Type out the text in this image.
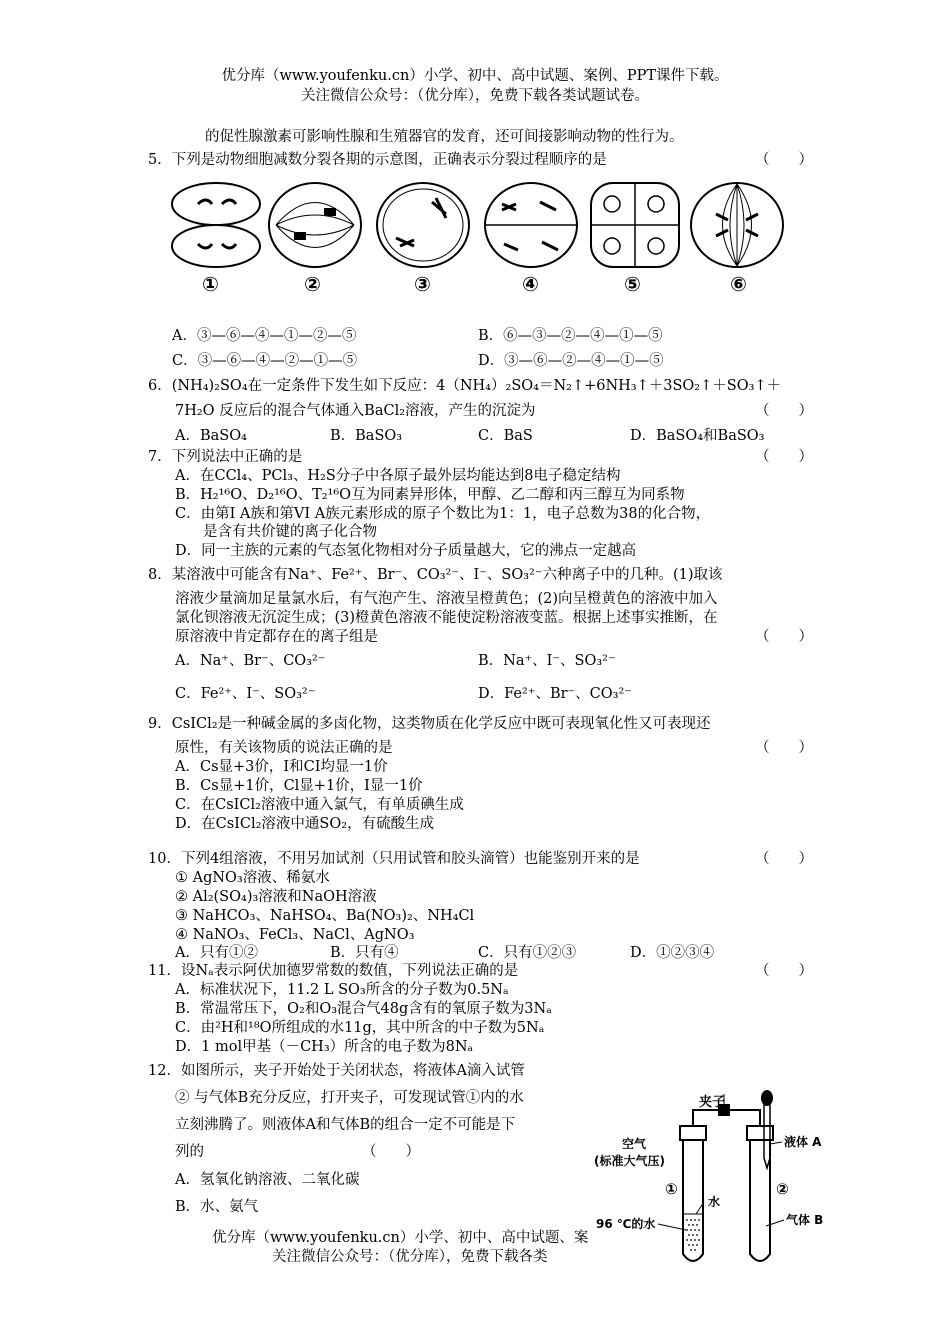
优分库（www.youfenku.cn）小学、初中、高中试题、案例、PPT课件下载。
关注微信公众号：（优分库），免费下载各类试题试卷。
的促性腺激素可影响性腺和生殖器官的发育，还可间接影响动物的性行为。
5．下列是动物细胞减数分裂各期的示意图，正确表示分裂过程顺序的是	（　　）
①	②	③	④	⑤	⑥
A．③—⑥—④—①—②—⑤	B．⑥—③—②—④—①—⑤
C．③—⑥—④—②—①—⑤	D．③—⑥—②—④—①—⑤
6．(NH₄)₂SO₄在一定条件下发生如下反应：4（NH₄）₂SO₄＝N₂↑+6NH₃↑＋3SO₂↑＋SO₃↑＋
7H₂O 反应后的混合气体通入BaCl₂溶液，产生的沉淀为	（　　）
A．BaSO₄	B．BaSO₃	C．BaS	D．BaSO₄和BaSO₃
7．下列说法中正确的是	（　　）
A．在CCl₄、PCl₃、H₂S分子中各原子最外层均能达到8电子稳定结构
B．H₂¹⁶O、D₂¹⁶O、T₂¹⁶O互为同素异形体，甲醇、乙二醇和丙三醇互为同系物
C．由第Ⅰ A族和第VI A族元素形成的原子个数比为1：1，电子总数为38的化合物，
是含有共价键的离子化合物
D．同一主族的元素的气态氢化物相对分子质量越大，它的沸点一定越高
8．某溶液中可能含有Na⁺、Fe²⁺、Br⁻、CO₃²⁻、I⁻、SO₃²⁻六种离子中的几种。(1)取该
溶液少量滴加足量氯水后，有气泡产生、溶液呈橙黄色；(2)向呈橙黄色的溶液中加入
氯化钡溶液无沉淀生成；(3)橙黄色溶液不能使淀粉溶液变蓝。根据上述事实推断，在
原溶液中肯定都存在的离子组是	（　　）
A．Na⁺、Br⁻、CO₃²⁻	B．Na⁺、I⁻、SO₃²⁻
C．Fe²⁺、I⁻、SO₃²⁻	D．Fe²⁺、Br⁻、CO₃²⁻
9．CsICl₂是一种碱金属的多卤化物，这类物质在化学反应中既可表现氧化性又可表现还
原性，有关该物质的说法正确的是	（　　）
A．Cs显+3价，I和CI均显一1价
B．Cs显+1价，Cl显+1价，I显一1价
C．在CsICl₂溶液中通入氯气，有单质碘生成
D．在CsICl₂溶液中通SO₂，有硫酸生成
10．下列4组溶液，不用另加试剂（只用试管和胶头滴管）也能鉴别开来的是	（　　）
① AgNO₃溶液、稀氨水
② Al₂(SO₄)₃溶液和NaOH溶液
③ NaHCO₃、NaHSO₄、Ba(NO₃)₂、NH₄Cl
④ NaNO₃、FeCl₃、NaCl、AgNO₃
A．只有①②	B．只有④	C．只有①②③	D．①②③④
11．设Nₐ表示阿伏加德罗常数的数值，下列说法正确的是	（　　）
A．标准状况下，11.2 L SO₃所含的分子数为0.5Nₐ
B．常温常压下，O₂和O₃混合气48g含有的氧原子数为3Nₐ
C．由²H和¹⁸O所组成的水11g，其中所含的中子数为5Nₐ
D．1 mol甲基（－CH₃）所含的电子数为8Nₐ
12．如图所示，夹子开始处于关闭状态，将液体A滴入试管
② 与气体B充分反应，打开夹子，可发现试管①内的水
立刻沸腾了。则液体A和气体B的组合一定不可能是下
列的	（　　）
A．氢氧化钠溶液、二氧化碳
B．水、氨气
夹子
空气
(标准大气压)
①
水
96 ℃的水
液体 A
②
气体 B
优分库（www.youfenku.cn）小学、初中、高中试题、案
关注微信公众号：（优分库），免费下载各类
